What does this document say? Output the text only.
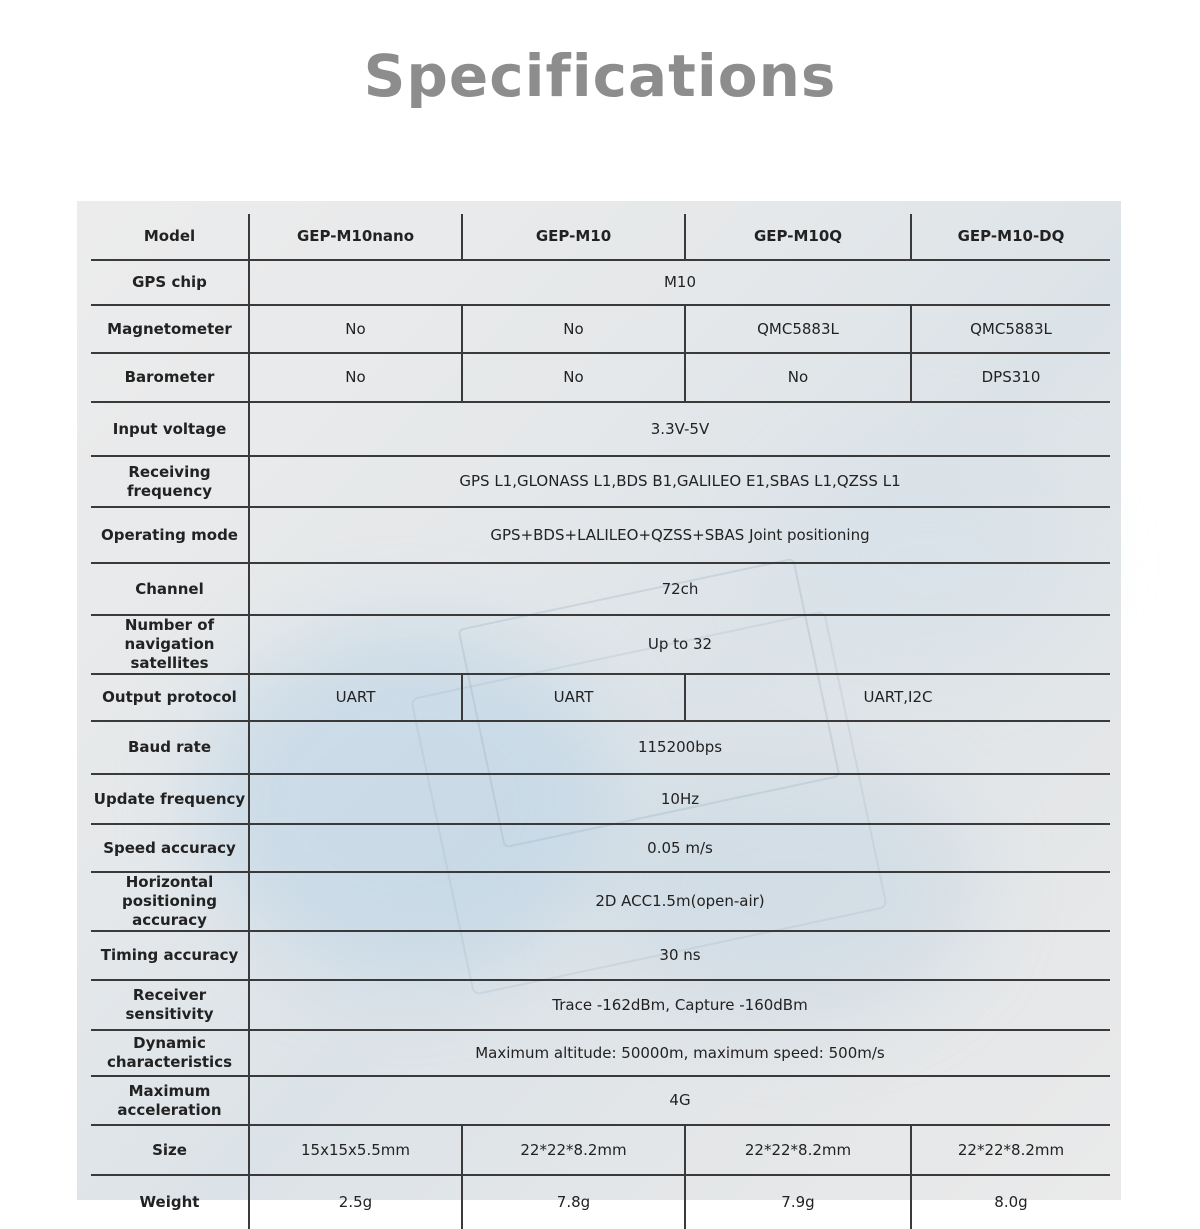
Specifications
Model	GEP-M10nano	GEP-M10	GEP-M10Q	GEP-M10-DQ
GPS chip	M10			
Magnetometer	No	No	QMC5883L	QMC5883L
Barometer	No	No	No	DPS310
Input voltage	3.3V-5V			
Receiving frequency	GPS L1,GLONASS L1,BDS B1,GALILEO E1,SBAS L1,QZSS L1			
Operating mode	GPS+BDS+LALILEO+QZSS+SBAS Joint positioning			
Channel	72ch			
Number of
navigation satellites	Up to 32			
Output protocol	UART	UART	UART,I2C	
Baud rate	115200bps			
Update frequency	10Hz			
Speed accuracy	0.05 m/s			
Horizontal
positioning accuracy	2D ACC1.5m(open-air)			
Timing accuracy	30 ns			
Receiver sensitivity	Trace -162dBm, Capture -160dBm			
Dynamic
characteristics	Maximum altitude: 50000m, maximum speed: 500m/s			
Maximum
acceleration	4G			
Size	15x15x5.5mm	22*22*8.2mm	22*22*8.2mm	22*22*8.2mm
Weight	2.5g	7.8g	7.9g	8.0g
